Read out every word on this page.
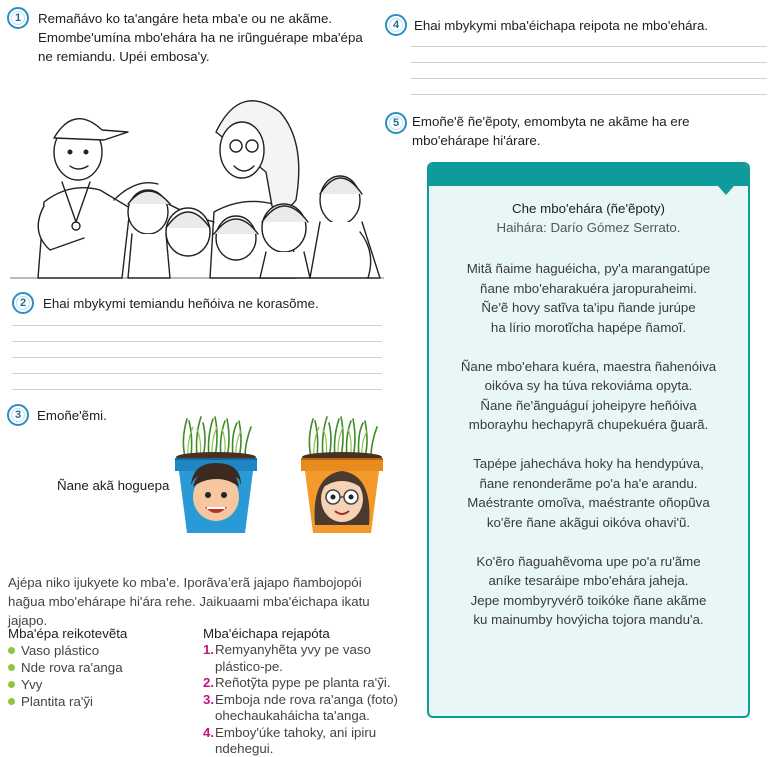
1	Remañávo ko ta'angáre heta mba'e ou ne akãme. Emombe'umína mbo'ehára ha ne irũnguérape mba'épa ne remiandu. Upéi embosa'y.
2	Ehai mbykymi temiandu heñóiva ne korasõme.
3	Emoñe'ẽmi.
Ñane akã hoguepa
Ajépa niko ijukyete ko mba'e. Iporãvaʼerã jajapo ñambojopói hag̃ua mbo'ehárape hi'ára rehe. Jaikuaami mba'éichapa ikatu jajapo.
Mba'épa reikotevẽta
Vaso plástico
Nde rova ra'anga
Yvy
Plantita ra'ỹi
Mba'éichapa rejapóta
1. Remyanyhẽta yvy pe vaso plástico-pe.
2. Reñotỹta pype pe planta ra'ỹi.
3. Emboja nde rova ra'anga (foto) ohechaukaháicha ta'anga.
4. Emboy'úke tahoky, ani ipiru ndehegui.
4	Ehai mbykymi mba'éichapa reipota ne mbo'ehára.
5 Emoñe'ẽ ñe'ẽpoty, emombyta ne akãme ha ere mbo'ehárape hi'árare.
Che mbo'ehára (ñe'ẽpoty)
Haihára: Darío Gómez Serrato.
Mitã ñaime haguéicha, py'a marangatúpe
ñane mbo'eharakuéra jaropuraheimi.
Ñe'ẽ hovy satĩva ta'ipu ñande jurúpe
ha lírio morotĩcha hapépe ñamoĩ.
Ñane mbo'ehara kuéra, maestra ñahenóiva
oikóva sy ha túva rekoviáma opyta.
Ñane ñe'ãnguáguí joheipyre heñóiva
mborayhu hechapyrã chupekuéra g̃uarã.
Tapépe jahecháva hoky ha hendypúva,
ñane renonderãme po'a ha'e arandu.
Maéstrante omoĩva, maéstrante oñopũva
ko'ẽre ñane akãgui oikóva ohavi'ũ.
Ko'ẽro ñaguahẽvoma upe po'a ru'ãme
aníke tesaráipe mbo'ehára jaheja.
Jepe mombyryvérõ toikóke ñane akãme
ku mainumby hovýicha tojora mandu'a.
